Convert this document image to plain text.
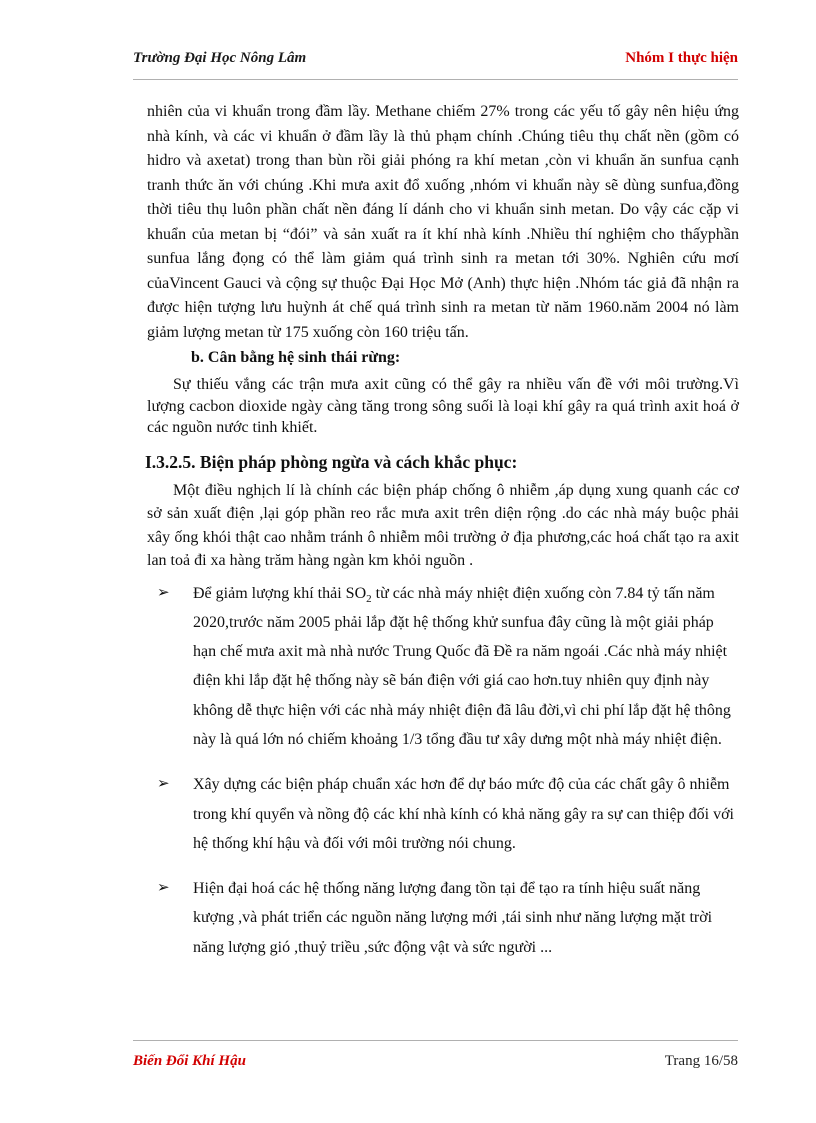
Trường Đại Học Nông Lâm	Nhóm I thực hiện

nhiên của vi khuẩn trong đầm lầy. Methane chiếm 27% trong các yếu tố gây nên hiệu ứng nhà kính, và các vi khuẩn ở đầm lầy là thủ phạm chính .Chúng tiêu thụ chất nền (gồm có hidro và axetat) trong than bùn rồi giải phóng ra khí metan ,còn vi khuẩn ăn sunfua cạnh tranh thức ăn với chúng .Khi mưa axit đổ xuống ,nhóm vi khuẩn này sẽ dùng sunfua,đồng thời tiêu thụ luôn phần chất nền đáng lí dánh cho vi khuẩn sinh metan. Do vậy các cặp vi khuẩn của metan bị “đói” và sản xuất ra ít khí nhà kính .Nhiều thí nghiệm cho thấyphần sunfua lắng đọng có thể làm giảm quá trình sinh ra metan tới 30%. Nghiên cứu mơí củaVincent Gauci và cộng sự thuộc Đại Học Mở (Anh) thực hiện .Nhóm tác giả đã nhận ra được hiện tượng lưu huỳnh át chế quá trình sinh ra metan từ năm 1960.năm 2004 nó làm giảm lượng metan từ 175 xuống còn 160 triệu tấn.

b. Cân bằng hệ sinh thái rừng:

Sự thiếu vắng các trận mưa axit cũng có thể gây ra nhiều vấn đề với môi trường.Vì lượng cacbon dioxide ngày càng tăng trong sông suối là loại khí gây ra quá trình axit hoá ở các nguồn nước tinh khiết.

I.3.2.5. Biện pháp phòng ngừa và cách khắc phục:

Một điều nghịch lí là chính các biện pháp chống ô nhiễm ,áp dụng xung quanh các cơ sở sản xuất điện ,lại góp phần reo rắc mưa axit trên diện rộng .do các nhà máy buộc phải xây ống khói thật cao nhằm tránh ô nhiễm môi trường ở địa phương,các hoá chất tạo ra axit lan toả đi xa hàng trăm hàng ngàn km khỏi nguồn .

➢ Để giảm lượng khí thải $SO_2$ từ các nhà máy nhiệt điện xuống còn 7.84 tỷ tấn năm 2020,trước năm 2005 phải lắp đặt hệ thống khử sunfua đây cũng là một giải pháp hạn chế mưa axit mà nhà nước Trung Quốc đã Đề ra năm ngoái .Các nhà máy nhiệt điện khi lắp đặt hệ thống này sẽ bán điện với giá cao hơn.tuy nhiên quy định này không dễ thực hiện với các nhà máy nhiệt điện đã lâu đời,vì chi phí lắp đặt hệ thông này là quá lớn nó chiếm khoảng 1/3 tổng đầu tư xây dưng một nhà máy nhiệt điện.
➢ Xây dựng các biện pháp chuẩn xác hơn để dự báo mức độ của các chất gây ô nhiễm trong khí quyển và nồng độ các khí nhà kính có khả năng gây ra sự can thiệp đối với hệ thống khí hậu và đối với môi trường nói chung.
➢ Hiện đại hoá các hệ thống năng lượng đang tồn tại để tạo ra tính hiệu suất năng kượng ,và phát triển các nguồn năng lượng mới ,tái sinh như năng lượng mặt trời năng lượng gió ,thuỷ triều ,sức động vật và sức người ...
Biến Đổi Khí Hậu	Trang 16/58
